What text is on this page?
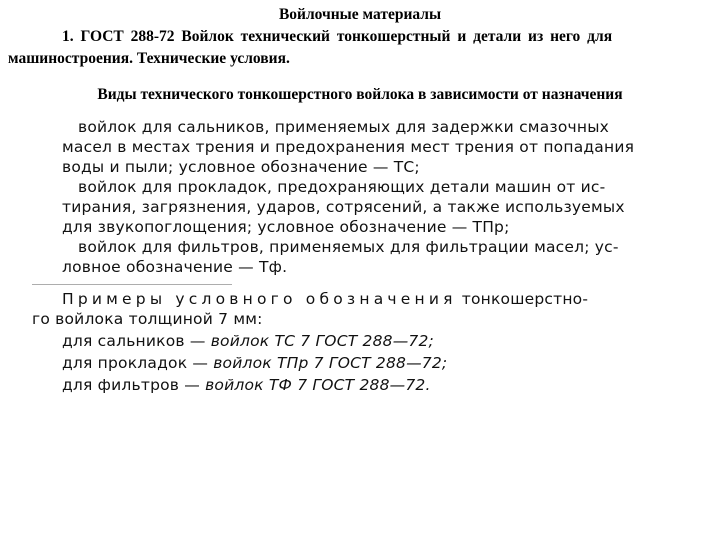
Войлочные материалы
1. ГОСТ 288-72 Войлок технический тонкошерстный и детали из него для
машиностроения. Технические условия.
Виды технического тонкошерстного войлока в зависимости от назначения
войлок для сальников, применяемых для задержки смазочных
масел в местах трения и предохранения мест трения от попадания
воды и пыли; условное обозначение — ТС;
войлок для прокладок, предохраняющих детали машин от ис-
тирания, загрязнения, ударов, сотрясений, а также используемых
для звукопоглощения; условное обозначение — ТПр;
войлок для фильтров, применяемых для фильтрации масел; ус-
ловное обозначение — Тф.
Примеры условного обозначения тонкошерстно-
го войлока толщиной 7 мм:
для сальников — войлок ТС 7 ГОСТ 288—72;
для прокладок — войлок ТПр 7 ГОСТ 288—72;
для фильтров — войлок ТФ 7 ГОСТ 288—72.
